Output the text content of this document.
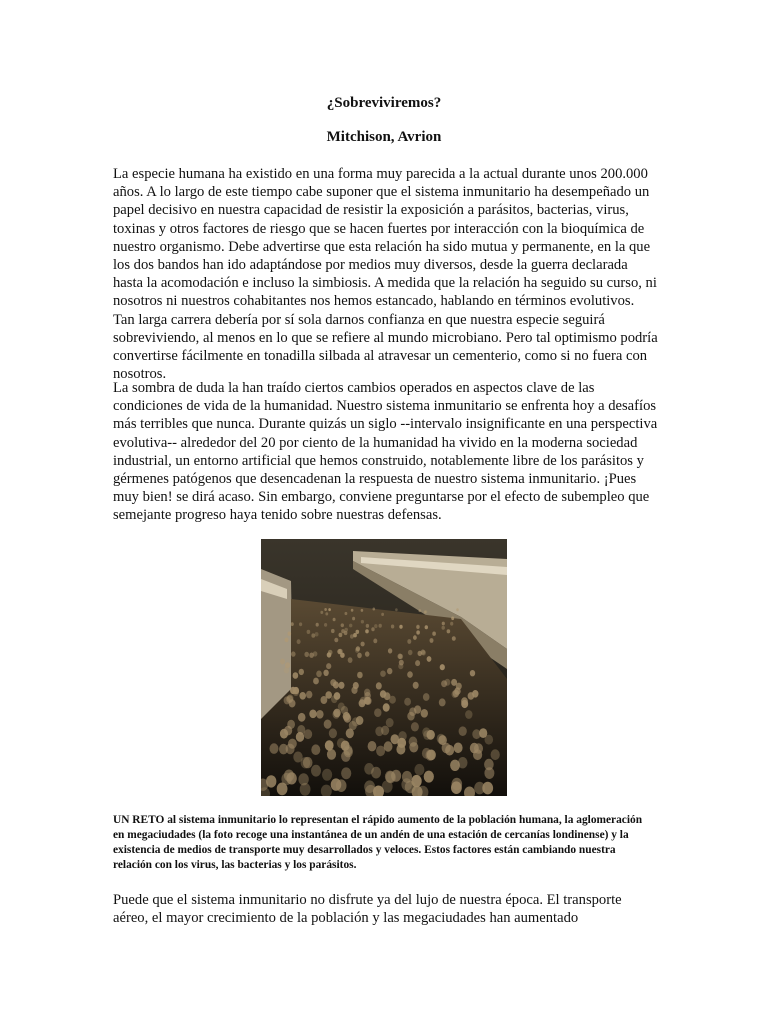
¿Sobreviviremos?

Mitchison, Avrion

La especie humana ha existido en una forma muy parecida a la actual durante unos 200.000 años. A lo largo de este tiempo cabe suponer que el sistema inmunitario ha desempeñado un papel decisivo en nuestra capacidad de resistir la exposición a parásitos, bacterias, virus, toxinas y otros factores de riesgo que se hacen fuertes por interacción con la bioquímica de nuestro organismo. Debe advertirse que esta relación ha sido mutua y permanente, en la que los dos bandos han ido adaptándose por medios muy diversos, desde la guerra declarada hasta la acomodación e incluso la simbiosis. A medida que la relación ha seguido su curso, ni nosotros ni nuestros cohabitantes nos hemos estancado, hablando en términos evolutivos. Tan larga carrera debería por sí sola darnos confianza en que nuestra especie seguirá sobreviviendo, al menos en lo que se refiere al mundo microbiano. Pero tal optimismo podría convertirse fácilmente en tonadilla silbada al atravesar un cementerio, como si no fuera con nosotros.

La sombra de duda la han traído ciertos cambios operados en aspectos clave de las condiciones de vida de la humanidad. Nuestro sistema inmunitario se enfrenta hoy a desafíos más terribles que nunca. Durante quizás un siglo --intervalo insignificante en una perspectiva evolutiva-- alrededor del 20 por ciento de la humanidad ha vivido en la moderna sociedad industrial, un entorno artificial que hemos construido, notablemente libre de los parásitos y gérmenes patógenos que desencadenan la respuesta de nuestro sistema inmunitario. ¡Pues muy bien! se dirá acaso. Sin embargo, conviene preguntarse por el efecto de subempleo que semejante progreso haya tenido sobre nuestras defensas.

UN RETO al sistema inmunitario lo representan el rápido aumento de la población humana, la aglomeración en megaciudades (la foto recoge una instantánea de un andén de una estación de cercanías londinense) y la existencia de medios de transporte muy desarrollados y veloces. Estos factores están cambiando nuestra relación con los virus, las bacterias y los parásitos.

Puede que el sistema inmunitario no disfrute ya del lujo de nuestra época. El transporte aéreo, el mayor crecimiento de la población y las megaciudades han aumentado
